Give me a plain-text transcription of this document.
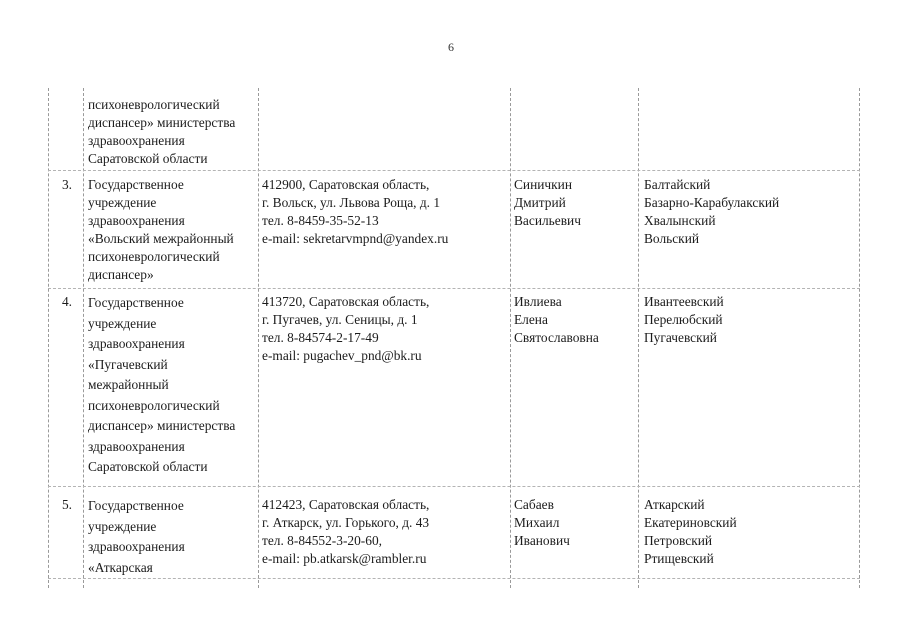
6
психоневрологический
диспансер» министерства
здравоохранения
Саратовской области
3. Государственное
учреждение
здравоохранения
«Вольский межрайонный
психоневрологический
диспансер»
412900, Саратовская область,
г. Вольск, ул. Львова Роща, д. 1
тел. 8-8459-35-52-13
e-mail: sekretarvmpnd@yandex.ru
Синичкин
Дмитрий
Васильевич
Балтайский
Базарно-Карабулакский
Хвалынский
Вольский
4. Государственное
учреждение
здравоохранения
«Пугачевский
межрайонный
психоневрологический
диспансер» министерства
здравоохранения
Саратовской области
413720, Саратовская область,
г. Пугачев, ул. Сеницы, д. 1
тел. 8-84574-2-17-49
e-mail: pugachev_pnd@bk.ru
Ивлиева
Елена
Святославовна
Ивантеевский
Перелюбский
Пугачевский
5. Государственное
учреждение
здравоохранения
«Аткарская
412423, Саратовская область,
г. Аткарск, ул. Горького, д. 43
тел. 8-84552-3-20-60,
e-mail: pb.atkarsk@rambler.ru
Сабаев
Михаил
Иванович
Аткарский
Екатериновский
Петровский
Ртищевский
